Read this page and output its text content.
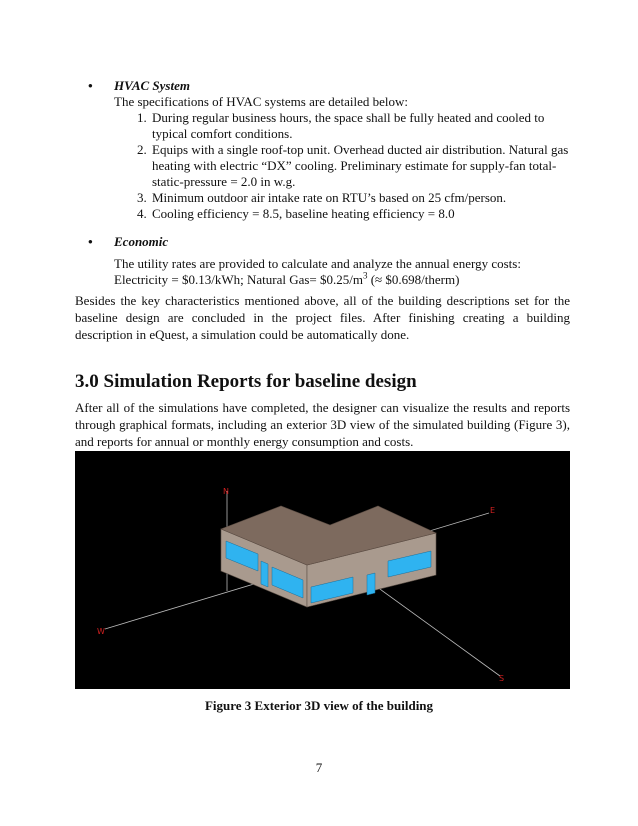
•	HVAC System
The specifications of HVAC systems are detailed below:
1. During regular business hours, the space shall be fully heated and cooled to typical comfort conditions.
2. Equips with a single roof-top unit. Overhead ducted air distribution. Natural gas heating with electric “DX” cooling. Preliminary estimate for supply-fan total-static-pressure = 2.0 in w.g.
3. Minimum outdoor air intake rate on RTU’s based on 25 cfm/person.
4. Cooling efficiency = 8.5, baseline heating efficiency = 8.0
•	Economic
The utility rates are provided to calculate and analyze the annual energy costs:
Electricity = $0.13/kWh; Natural $Gas= \$0.25/m^3$ (≈ $0.698/therm)
Besides the key characteristics mentioned above, all of the building descriptions set for the baseline design are concluded in the project files. After finishing creating a building description in eQuest, a simulation could be automatically done.
3.0 Simulation Reports for baseline design
After all of the simulations have completed, the designer can visualize the results and reports through graphical formats, including an exterior 3D view of the simulated building (Figure 3), and reports for annual or monthly energy consumption and costs.
N
E
W
S
Figure 3 Exterior 3D view of the building
7
